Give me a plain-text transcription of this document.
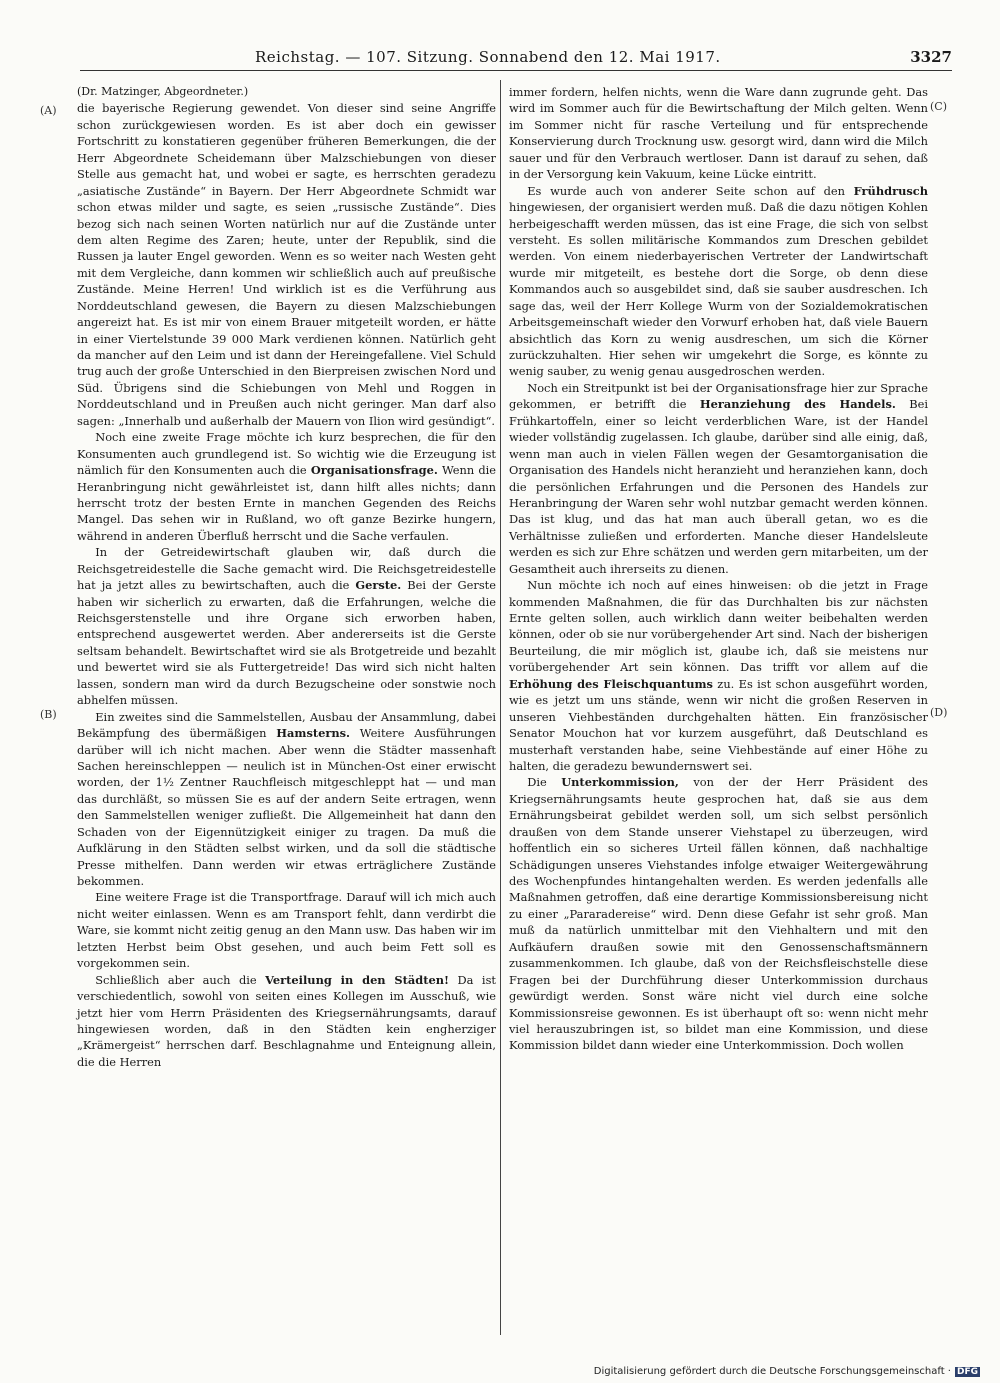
Reichstag. — 107. Sitzung. Sonnabend den 12. Mai 1917.	3327
(A)
(B)
(C)
(D)

(Dr. Matzinger, Abgeordneter.)

die bayerische Regierung gewendet. Von dieser sind seine Angriffe schon zurückgewiesen worden. Es ist aber doch ein gewisser Fortschritt zu konstatieren gegenüber früheren Bemerkungen, die der Herr Abgeordnete Scheidemann über Malzschiebungen von dieser Stelle aus gemacht hat, und wobei er sagte, es herrschten geradezu „asiatische Zustände“ in Bayern. Der Herr Abgeordnete Schmidt war schon etwas milder und sagte, es seien „russische Zustände“. Dies bezog sich nach seinen Worten natürlich nur auf die Zustände unter dem alten Regime des Zaren; heute, unter der Republik, sind die Russen ja lauter Engel geworden. Wenn es so weiter nach Westen geht mit dem Vergleiche, dann kommen wir schließlich auch auf preußische Zustände. Meine Herren! Und wirklich ist es die Verführung aus Norddeutschland gewesen, die Bayern zu diesen Malzschiebungen angereizt hat. Es ist mir von einem Brauer mitgeteilt worden, er hätte in einer Viertelstunde 39 000 Mark verdienen können. Natürlich geht da mancher auf den Leim und ist dann der Hereingefallene. Viel Schuld trug auch der große Unterschied in den Bierpreisen zwischen Nord und Süd. Übrigens sind die Schiebungen von Mehl und Roggen in Norddeutschland und in Preußen auch nicht geringer. Man darf also sagen: „Innerhalb und außerhalb der Mauern von Ilion wird gesündigt“.

Noch eine zweite Frage möchte ich kurz besprechen, die für den Konsumenten auch grundlegend ist. So wichtig wie die Erzeugung ist nämlich für den Konsumenten auch die Organisationsfrage. Wenn die Heranbringung nicht gewährleistet ist, dann hilft alles nichts; dann herrscht trotz der besten Ernte in manchen Gegenden des Reichs Mangel. Das sehen wir in Rußland, wo oft ganze Bezirke hungern, während in anderen Überfluß herrscht und die Sache verfaulen.

In der Getreidewirtschaft glauben wir, daß durch die Reichsgetreidestelle die Sache gemacht wird. Die Reichsgetreidestelle hat ja jetzt alles zu bewirtschaften, auch die Gerste. Bei der Gerste haben wir sicherlich zu erwarten, daß die Erfahrungen, welche die Reichsgerstenstelle und ihre Organe sich erworben haben, entsprechend ausgewertet werden. Aber andererseits ist die Gerste seltsam behandelt. Bewirtschaftet wird sie als Brotgetreide und bezahlt und bewertet wird sie als Futtergetreide! Das wird sich nicht halten lassen, sondern man wird da durch Bezugscheine oder sonstwie noch abhelfen müssen.

Ein zweites sind die Sammelstellen, Ausbau der Ansammlung, dabei Bekämpfung des übermäßigen Hamsterns. Weitere Ausführungen darüber will ich nicht machen. Aber wenn die Städter massenhaft Sachen hereinschleppen — neulich ist in München-Ost einer erwischt worden, der 1½ Zentner Rauchfleisch mitgeschleppt hat — und man das durchläßt, so müssen Sie es auf der andern Seite ertragen, wenn den Sammelstellen weniger zufließt. Die Allgemeinheit hat dann den Schaden von der Eigennützigkeit einiger zu tragen. Da muß die Aufklärung in den Städten selbst wirken, und da soll die städtische Presse mithelfen. Dann werden wir etwas erträglichere Zustände bekommen.

Eine weitere Frage ist die Transportfrage. Darauf will ich mich auch nicht weiter einlassen. Wenn es am Transport fehlt, dann verdirbt die Ware, sie kommt nicht zeitig genug an den Mann usw. Das haben wir im letzten Herbst beim Obst gesehen, und auch beim Fett soll es vorgekommen sein.

Schließlich aber auch die Verteilung in den Städten! Da ist verschiedentlich, sowohl von seiten eines Kollegen im Ausschuß, wie jetzt hier vom Herrn Präsidenten des Kriegsernährungsamts, darauf hingewiesen worden, daß in den Städten kein engherziger „Krämergeist“ herrschen darf. Beschlagnahme und Enteignung allein, die die Herren

immer fordern, helfen nichts, wenn die Ware dann zugrunde geht. Das wird im Sommer auch für die Bewirtschaftung der Milch gelten. Wenn im Sommer nicht für rasche Verteilung und für entsprechende Konservierung durch Trocknung usw. gesorgt wird, dann wird die Milch sauer und für den Verbrauch wertloser. Dann ist darauf zu sehen, daß in der Versorgung kein Vakuum, keine Lücke eintritt.

Es wurde auch von anderer Seite schon auf den Frühdrusch hingewiesen, der organisiert werden muß. Daß die dazu nötigen Kohlen herbeigeschafft werden müssen, das ist eine Frage, die sich von selbst versteht. Es sollen militärische Kommandos zum Dreschen gebildet werden. Von einem niederbayerischen Vertreter der Landwirtschaft wurde mir mitgeteilt, es bestehe dort die Sorge, ob denn diese Kommandos auch so ausgebildet sind, daß sie sauber ausdreschen. Ich sage das, weil der Herr Kollege Wurm von der Sozialdemokratischen Arbeitsgemeinschaft wieder den Vorwurf erhoben hat, daß viele Bauern absichtlich das Korn zu wenig ausdreschen, um sich die Körner zurückzuhalten. Hier sehen wir umgekehrt die Sorge, es könnte zu wenig sauber, zu wenig genau ausgedroschen werden.

Noch ein Streitpunkt ist bei der Organisationsfrage hier zur Sprache gekommen, er betrifft die Heranziehung des Handels. Bei Frühkartoffeln, einer so leicht verderblichen Ware, ist der Handel wieder vollständig zugelassen. Ich glaube, darüber sind alle einig, daß, wenn man auch in vielen Fällen wegen der Gesamtorganisation die Organisation des Handels nicht heranzieht und heranziehen kann, doch die persönlichen Erfahrungen und die Personen des Handels zur Heranbringung der Waren sehr wohl nutzbar gemacht werden können. Das ist klug, und das hat man auch überall getan, wo es die Verhältnisse zuließen und erforderten. Manche dieser Handelsleute werden es sich zur Ehre schätzen und werden gern mitarbeiten, um der Gesamtheit auch ihrerseits zu dienen.

Nun möchte ich noch auf eines hinweisen: ob die jetzt in Frage kommenden Maßnahmen, die für das Durchhalten bis zur nächsten Ernte gelten sollen, auch wirklich dann weiter beibehalten werden können, oder ob sie nur vorübergehender Art sind. Nach der bisherigen Beurteilung, die mir möglich ist, glaube ich, daß sie meistens nur vorübergehender Art sein können. Das trifft vor allem auf die Erhöhung des Fleischquantums zu. Es ist schon ausgeführt worden, wie es jetzt um uns stände, wenn wir nicht die großen Reserven in unseren Viehbeständen durchgehalten hätten. Ein französischer Senator Mouchon hat vor kurzem ausgeführt, daß Deutschland es musterhaft verstanden habe, seine Viehbestände auf einer Höhe zu halten, die geradezu bewundernswert sei.

Die Unterkommission, von der der Herr Präsident des Kriegsernährungsamts heute gesprochen hat, daß sie aus dem Ernährungsbeirat gebildet werden soll, um sich selbst persönlich draußen von dem Stande unserer Viehstapel zu überzeugen, wird hoffentlich ein so sicheres Urteil fällen können, daß nachhaltige Schädigungen unseres Viehstandes infolge etwaiger Weitergewährung des Wochenpfundes hintangehalten werden. Es werden jedenfalls alle Maßnahmen getroffen, daß eine derartige Kommissionsbereisung nicht zu einer „Pararadereise“ wird. Denn diese Gefahr ist sehr groß. Man muß da natürlich unmittelbar mit den Viehhaltern und mit den Aufkäufern draußen sowie mit den Genossenschaftsmännern zusammenkommen. Ich glaube, daß von der Reichsfleischstelle diese Fragen bei der Durchführung dieser Unterkommission durchaus gewürdigt werden. Sonst wäre nicht viel durch eine solche Kommissionsreise gewonnen. Es ist überhaupt oft so: wenn nicht mehr viel herauszubringen ist, so bildet man eine Kommission, und diese Kommission bildet dann wieder eine Unterkommission. Doch wollen

Digitalisierung gefördert durch die Deutsche Forschungsgemeinschaft · DFG
